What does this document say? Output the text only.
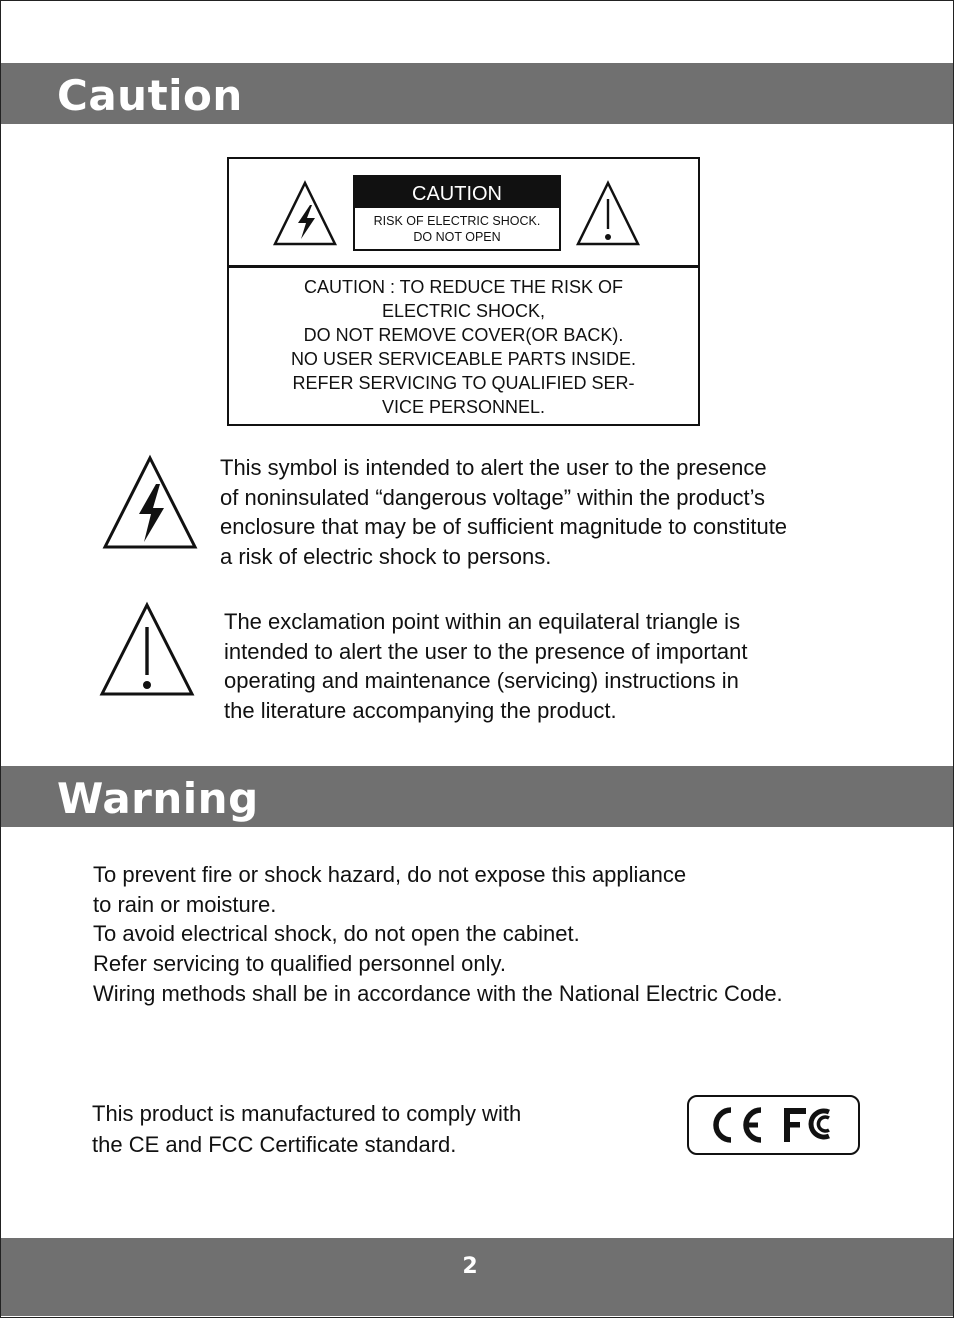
Caution
CAUTION
RISK OF ELECTRIC SHOCK.
DO NOT OPEN
CAUTION : TO REDUCE THE RISK OF
ELECTRIC SHOCK,
DO NOT REMOVE COVER(OR BACK).
NO USER SERVICEABLE PARTS INSIDE.
REFER SERVICING TO QUALIFIED SER-
VICE PERSONNEL.
This symbol is intended to alert the user to the presence
of noninsulated “dangerous voltage” within the product’s
enclosure that may be of sufficient magnitude to constitute
a risk of electric shock to persons.
The exclamation point within an equilateral triangle is
intended to alert the user to the presence of important
operating and maintenance (servicing) instructions in
the literature accompanying the product.
Warning
To prevent fire or shock hazard, do not expose this appliance
to rain or moisture.
To avoid electrical shock, do not open the cabinet.
Refer servicing to qualified personnel only.
Wiring methods shall be in accordance with the National Electric Code.
This product is manufactured to comply with
the CE and FCC Certificate standard.
2
